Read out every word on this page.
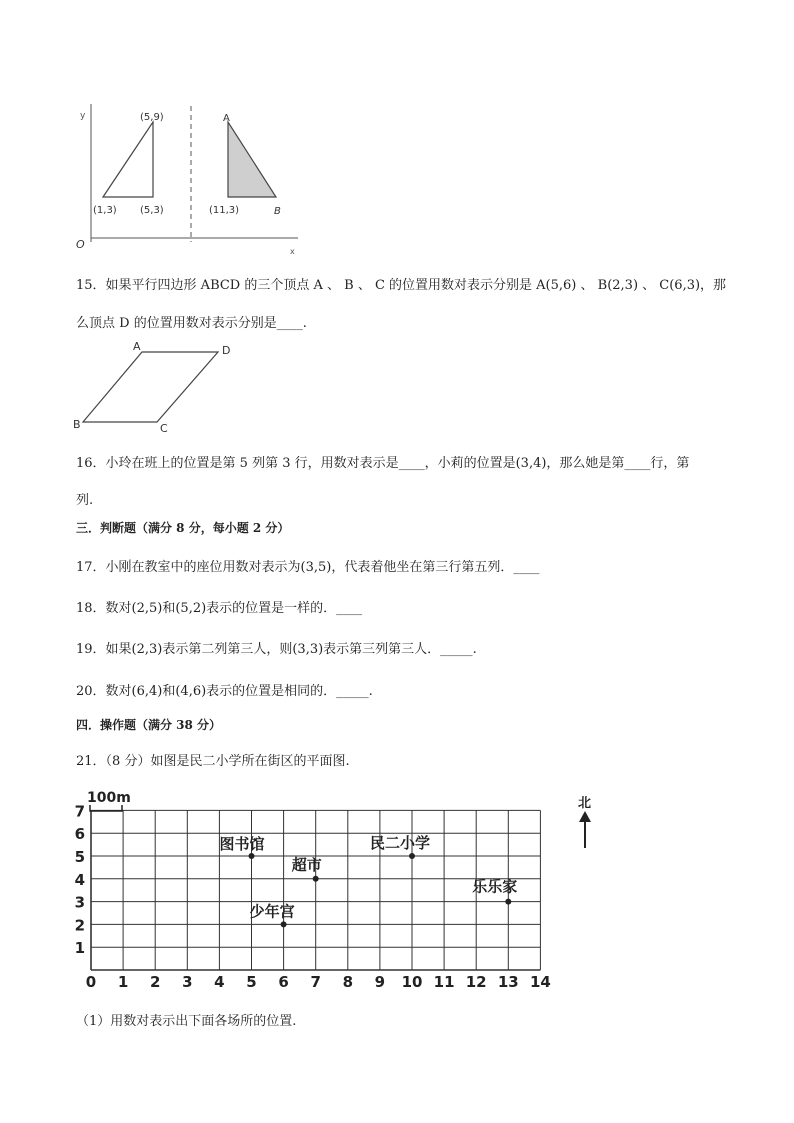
y
x
O
(5,9)
(1,3) (5,3)
A
(11,3)	B
15．如果平行四边形 ABCD 的三个顶点 A 、 B 、 C 的位置用数对表示分别是 A(5,6) 、 B(2,3) 、 C(6,3)，那
么顶点 D 的位置用数对表示分别是____.
A	D
B	C
16．小玲在班上的位置是第 5 列第 3 行，用数对表示是____，小莉的位置是(3,4)，那么她是第____行，第
列.
三．判断题（满分 8 分，每小题 2 分）
17．小刚在教室中的座位用数对表示为(3,5)，代表着他坐在第三行第五列．____
18．数对(2,5)和(5,2)表示的位置是一样的．____
19．如果(2,3)表示第二列第三人，则(3,3)表示第三列第三人．_____.
20．数对(6,4)和(4,6)表示的位置是相同的．_____.
四．操作题（满分 38 分）
21．（8 分）如图是民二小学所在街区的平面图.
0 1 2 3 4 5 6 7 8 9 10 11 12 13 14
1
2
3
4
5
6
7
图书馆
超市
民二小学
乐乐家
少年宫
100m	北
（1）用数对表示出下面各场所的位置.
